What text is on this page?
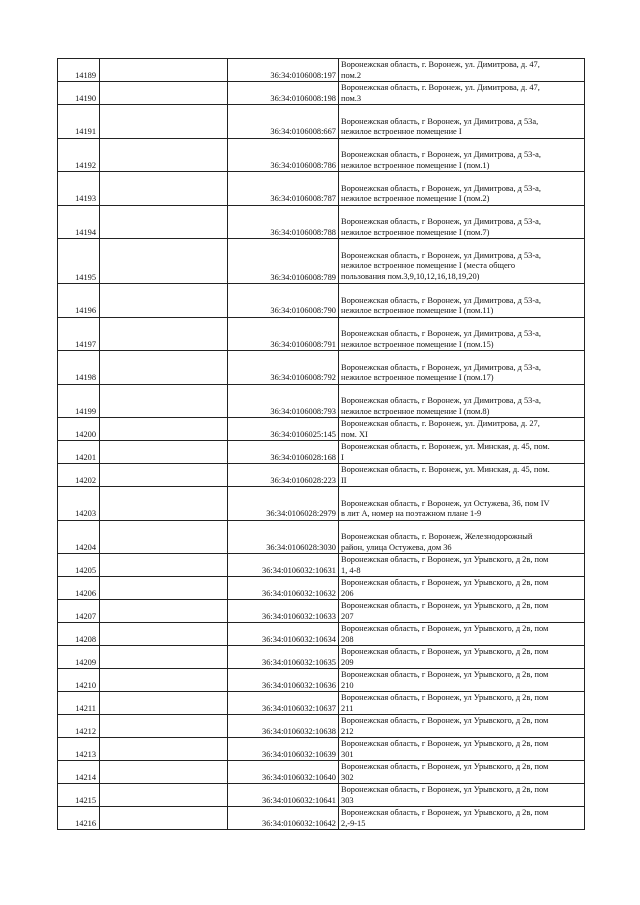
14189		36:34:0106008:197	Воронежская область, г. Воронеж, ул. Димитрова, д. 47,
пом.2

14190		36:34:0106008:198	Воронежская область, г. Воронеж, ул. Димитрова, д. 47,
пом.3

14191		36:34:0106008:667	Воронежская область, г Воронеж, ул Димитрова, д 53а,
нежилое встроенное помещение I

14192		36:34:0106008:786	Воронежская область, г Воронеж, ул Димитрова, д 53-а,
нежилое встроенное помещение I (пом.1)

14193		36:34:0106008:787	Воронежская область, г Воронеж, ул Димитрова, д 53-а,
нежилое встроенное помещение I (пом.2)

14194		36:34:0106008:788	Воронежская область, г Воронеж, ул Димитрова, д 53-а,
нежилое встроенное помещение I (пом.7)

14195		36:34:0106008:789	Воронежская область, г Воронеж, ул Димитрова, д 53-а,
нежилое встроенное помещение I (места общего
пользования пом.3,9,10,12,16,18,19,20)

14196		36:34:0106008:790	Воронежская область, г Воронеж, ул Димитрова, д 53-а,
нежилое встроенное помещение I (пом.11)

14197		36:34:0106008:791	Воронежская область, г Воронеж, ул Димитрова, д 53-а,
нежилое встроенное помещение I (пом.15)

14198		36:34:0106008:792	Воронежская область, г Воронеж, ул Димитрова, д 53-а,
нежилое встроенное помещение I (пом.17)

14199		36:34:0106008:793	Воронежская область, г Воронеж, ул Димитрова, д 53-а,
нежилое встроенное помещение I (пом.8)

14200		36:34:0106025:145	Воронежская область, г. Воронеж, ул. Димитрова, д. 27,
пом. XI

14201		36:34:0106028:168	Воронежская область, г. Воронеж, ул. Минская, д. 45, пом.
I

14202		36:34:0106028:223	Воронежская область, г. Воронеж, ул. Минская, д. 45, пом.
II

14203		36:34:0106028:2979	Воронежская область, г Воронеж, ул Остужева, 36, пом IV
в лит А, номер на поэтажном плане 1-9

14204		36:34:0106028:3030	Воронежская область, г. Воронеж, Железнодорожный
район, улица Остужева, дом 36

14205		36:34:0106032:10631	Воронежская область, г Воронеж, ул Урывского, д 2в, пом
1, 4-8

14206		36:34:0106032:10632	Воронежская область, г Воронеж, ул Урывского, д 2в, пом
206

14207		36:34:0106032:10633	Воронежская область, г Воронеж, ул Урывского, д 2в, пом
207

14208		36:34:0106032:10634	Воронежская область, г Воронеж, ул Урывского, д 2в, пом
208

14209		36:34:0106032:10635	Воронежская область, г Воронеж, ул Урывского, д 2в, пом
209

14210		36:34:0106032:10636	Воронежская область, г Воронеж, ул Урывского, д 2в, пом
210

14211		36:34:0106032:10637	Воронежская область, г Воронеж, ул Урывского, д 2в, пом
211

14212		36:34:0106032:10638	Воронежская область, г Воронеж, ул Урывского, д 2в, пом
212

14213		36:34:0106032:10639	Воронежская область, г Воронеж, ул Урывского, д 2в, пом
301

14214		36:34:0106032:10640	Воронежская область, г Воронеж, ул Урывского, д 2в, пом
302

14215		36:34:0106032:10641	Воронежская область, г Воронеж, ул Урывского, д 2в, пом
303

14216		36:34:0106032:10642	Воронежская область, г Воронеж, ул Урывского, д 2в, пом
2,-9-15
